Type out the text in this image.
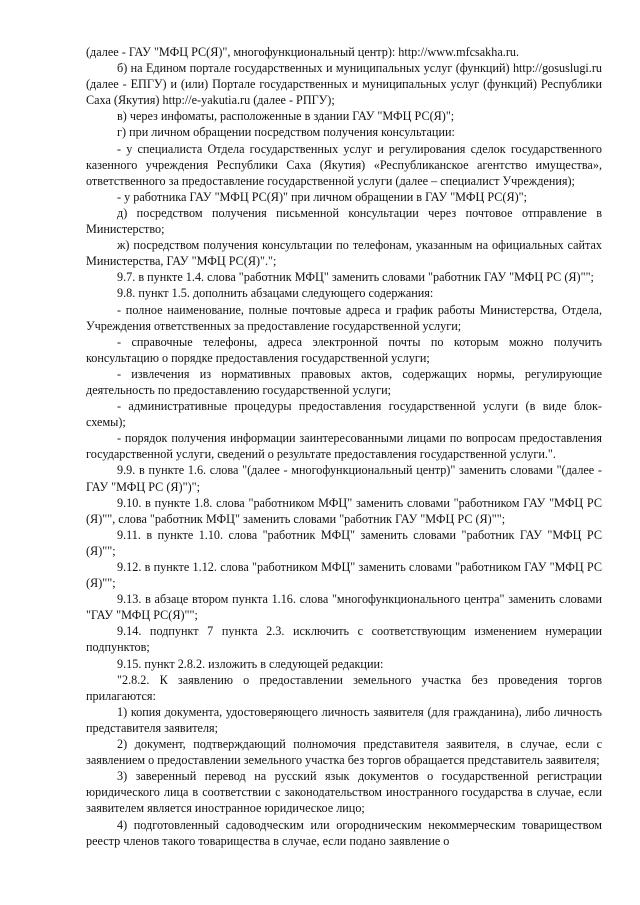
(далее - ГАУ "МФЦ РС(Я)", многофункциональный центр): http://www.mfcsakha.ru.

б) на Едином портале государственных и муниципальных услуг (функций) http://gosuslugi.ru (далее - ЕПГУ) и (или) Портале государственных и муниципальных услуг (функций) Республики Саха (Якутия) http://e-yakutia.ru (далее - РПГУ);

в) через инфоматы, расположенные в здании ГАУ "МФЦ РС(Я)";

г) при личном обращении посредством получения консультации:

- у специалиста Отдела государственных услуг и регулирования сделок государственного казенного учреждения Республики Саха (Якутия) «Республиканское агентство имущества», ответственного за предоставление государственной услуги (далее – специалист Учреждения);

- у работника ГАУ "МФЦ РС(Я)" при личном обращении в ГАУ "МФЦ РС(Я)";

д) посредством получения письменной консультации через почтовое отправление в Министерство;

ж) посредством получения консультации по телефонам, указанным на официальных сайтах Министерства, ГАУ "МФЦ РС(Я)".";

9.7. в пункте 1.4. слова "работник МФЦ" заменить словами "работник ГАУ "МФЦ РС (Я)"";

9.8. пункт 1.5. дополнить абзацами следующего содержания:

- полное наименование, полные почтовые адреса и график работы Министерства, Отдела, Учреждения ответственных за предоставление государственной услуги;

- справочные телефоны, адреса электронной почты по которым можно получить консультацию о порядке предоставления государственной услуги;

- извлечения из нормативных правовых актов, содержащих нормы, регулирующие деятельность по предоставлению государственной услуги;

- административные процедуры предоставления государственной услуги (в виде блок-схемы);

- порядок получения информации заинтересованными лицами по вопросам предоставления государственной услуги, сведений о результате предоставления государственной услуги.".

9.9. в пункте 1.6. слова "(далее - многофункциональный центр)" заменить словами "(далее - ГАУ "МФЦ РС (Я)")";

9.10. в пункте 1.8. слова "работником МФЦ" заменить словами "работником ГАУ "МФЦ РС (Я)"", слова "работник МФЦ" заменить словами "работник ГАУ "МФЦ РС (Я)"";

9.11. в пункте 1.10. слова "работник МФЦ" заменить словами "работник ГАУ "МФЦ РС (Я)"";

9.12. в пункте 1.12. слова "работником МФЦ" заменить словами "работником ГАУ "МФЦ РС (Я)"";

9.13. в абзаце втором пункта 1.16. слова "многофункционального центра" заменить словами "ГАУ "МФЦ РС(Я)"";

9.14. подпункт 7 пункта 2.3. исключить с соответствующим изменением нумерации подпунктов;

9.15. пункт 2.8.2. изложить в следующей редакции:

"2.8.2. К заявлению о предоставлении земельного участка без проведения торгов прилагаются:

1) копия документа, удостоверяющего личность заявителя (для гражданина), либо личность представителя заявителя;

2) документ, подтверждающий полномочия представителя заявителя, в случае, если с заявлением о предоставлении земельного участка без торгов обращается представитель заявителя;

3) заверенный перевод на русский язык документов о государственной регистрации юридического лица в соответствии с законодательством иностранного государства в случае, если заявителем является иностранное юридическое лицо;

4) подготовленный садоводческим или огородническим некоммерческим товариществом реестр членов такого товарищества в случае, если подано заявление о
